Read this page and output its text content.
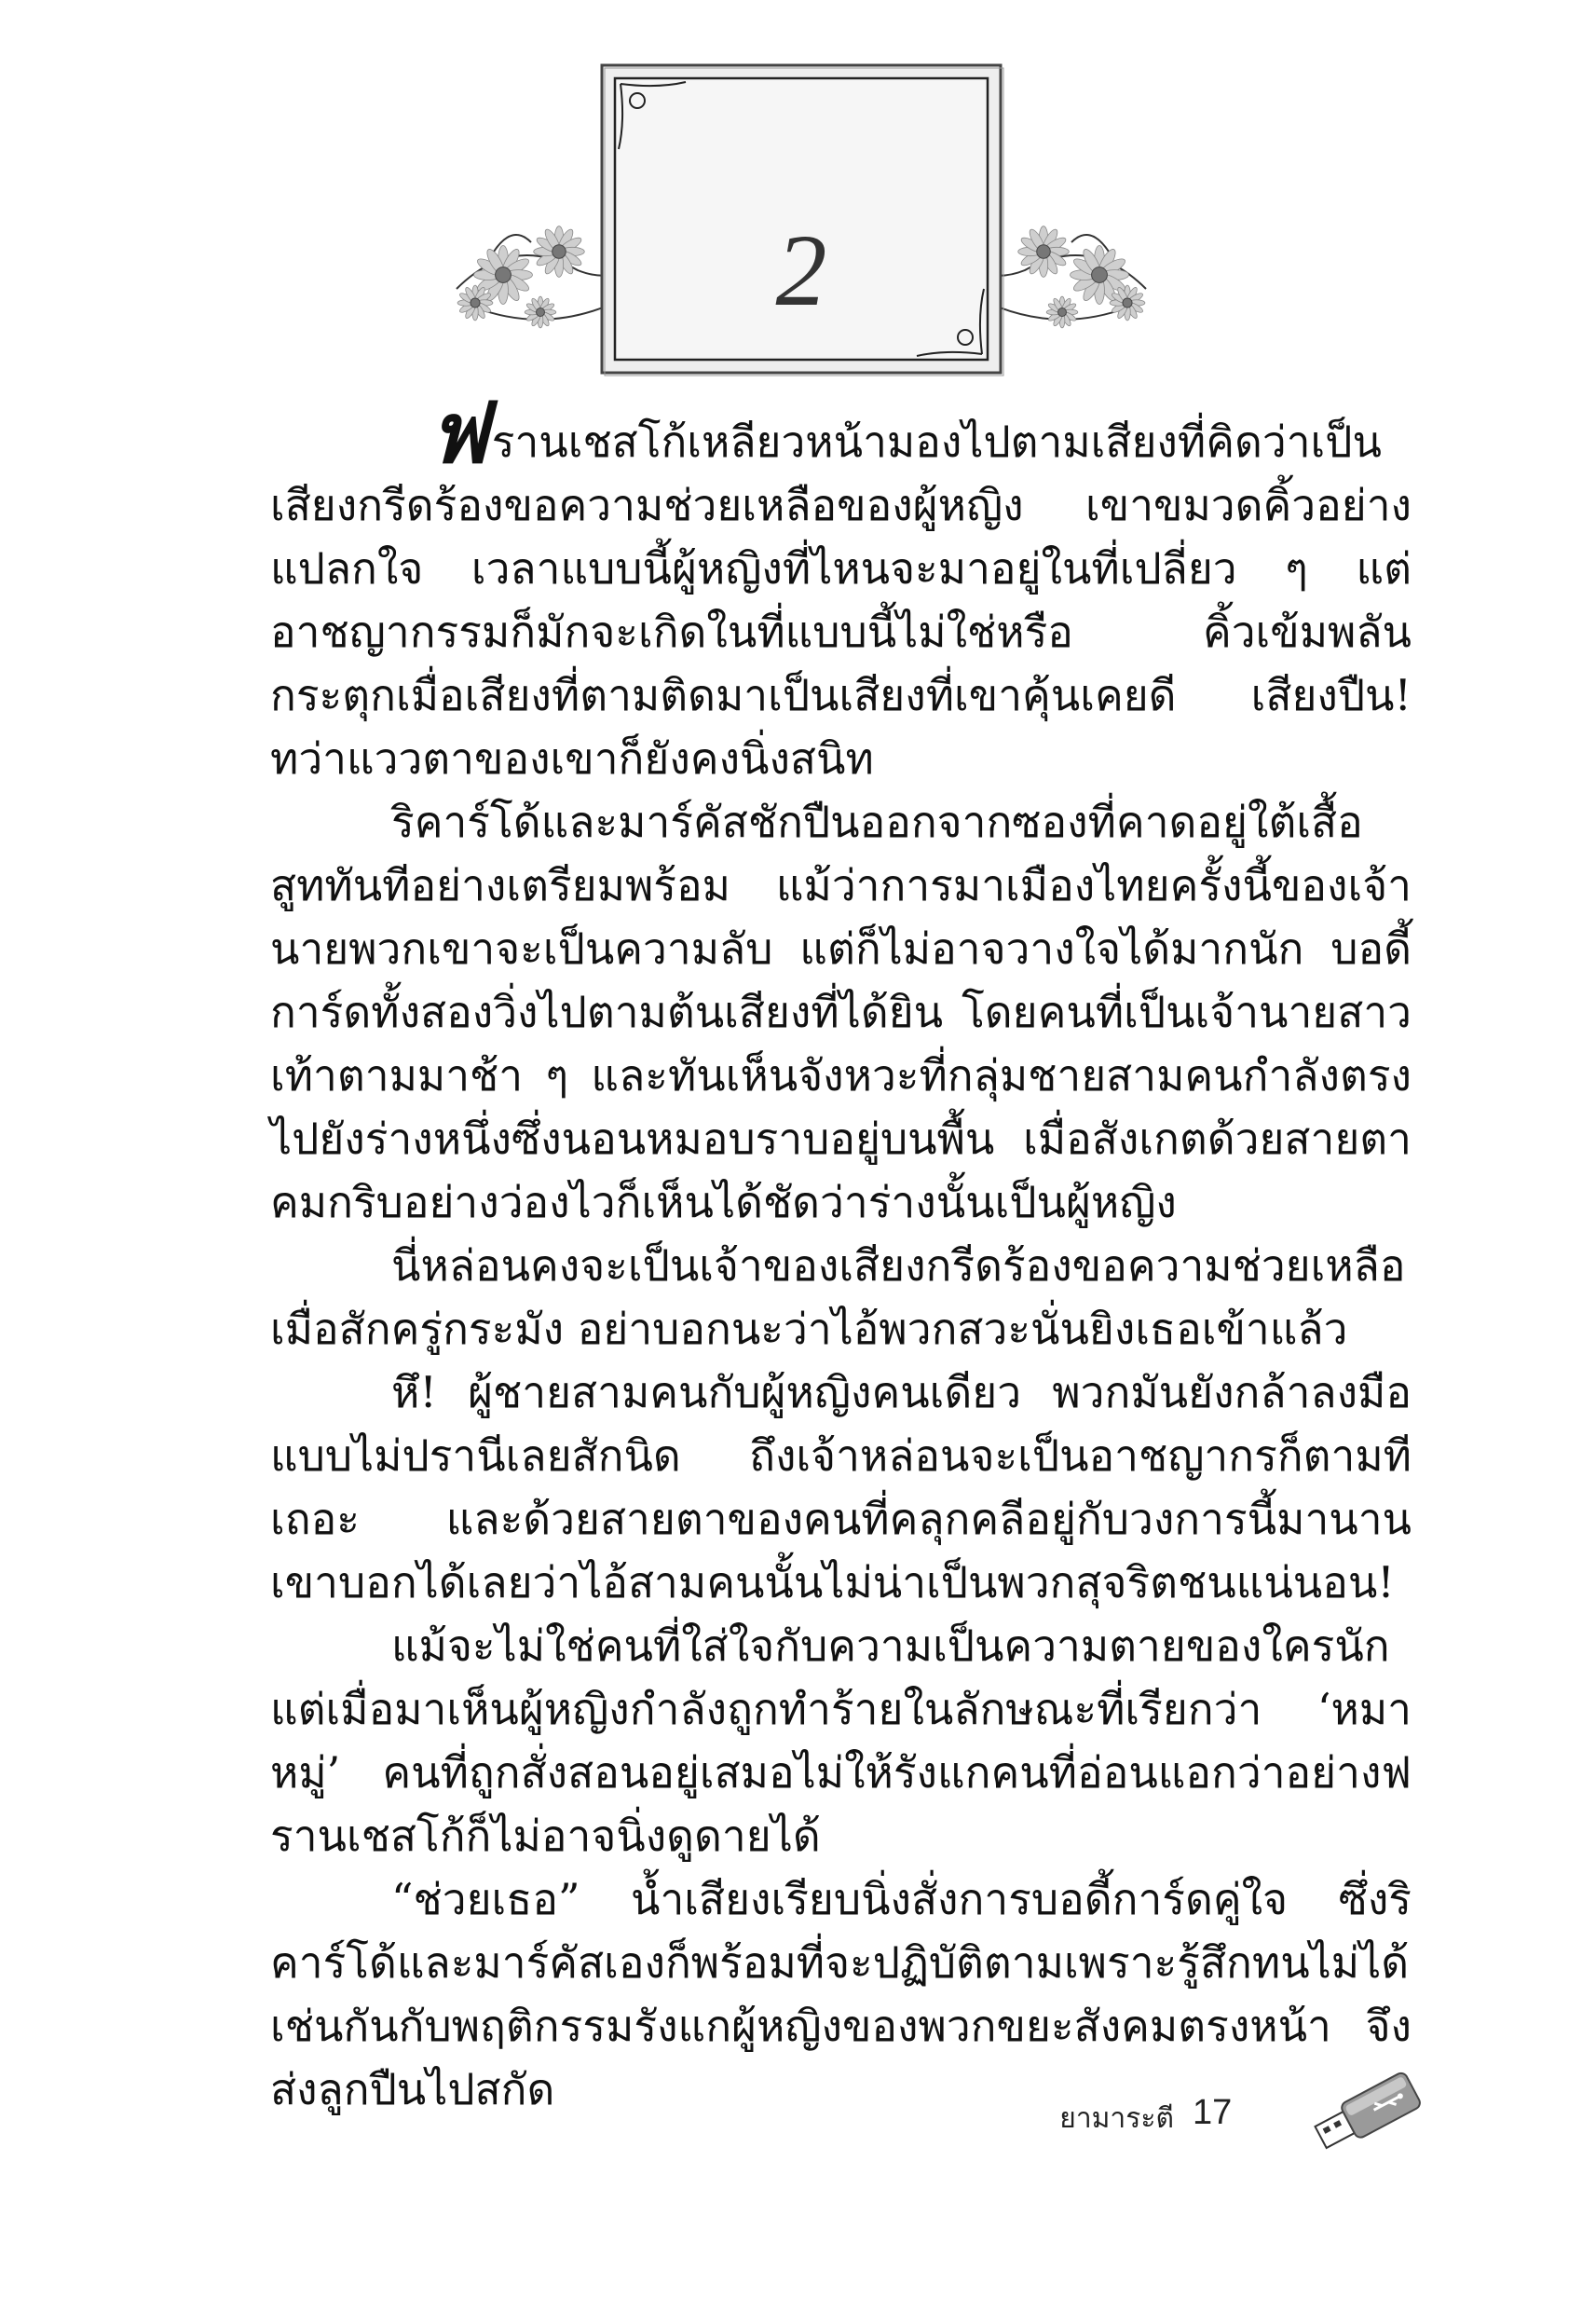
2

ฟรานเชสโก้เหลียวหน้ามองไปตามเสียงที่คิดว่าเป็นเสียงกรีดร้องขอความช่วยเหลือของผู้หญิง เขาขมวดคิ้วอย่างแปลกใจ เวลาแบบนี้ผู้หญิงที่ไหนจะมาอยู่ในที่เปลี่ยว ๆ แต่อาชญากรรมก็มักจะเกิดในที่แบบนี้ไม่ใช่หรือ คิ้วเข้มพลันกระตุกเมื่อเสียงที่ตามติดมาเป็นเสียงที่เขาคุ้นเคยดี เสียงปืน! ทว่าแววตาของเขาก็ยังคงนิ่งสนิท

ริคาร์โด้และมาร์คัสชักปืนออกจากซองที่คาดอยู่ใต้เสื้อสูททันทีอย่างเตรียมพร้อม แม้ว่าการมาเมืองไทยครั้งนี้ของเจ้านายพวกเขาจะเป็นความลับ แต่ก็ไม่อาจวางใจได้มากนัก บอดี้การ์ดทั้งสองวิ่งไปตามต้นเสียงที่ได้ยิน โดยคนที่เป็นเจ้านายสาวเท้าตามมาช้า ๆ และทันเห็นจังหวะที่กลุ่มชายสามคนกำลังตรงไปยังร่างหนึ่งซึ่งนอนหมอบราบอยู่บนพื้น เมื่อสังเกตด้วยสายตาคมกริบอย่างว่องไวก็เห็นได้ชัดว่าร่างนั้นเป็นผู้หญิง

นี่หล่อนคงจะเป็นเจ้าของเสียงกรีดร้องขอความช่วยเหลือเมื่อสักครู่กระมัง อย่าบอกนะว่าไอ้พวกสวะนั่นยิงเธอเข้าแล้ว

หึ! ผู้ชายสามคนกับผู้หญิงคนเดียว พวกมันยังกล้าลงมือแบบไม่ปรานีเลยสักนิด ถึงเจ้าหล่อนจะเป็นอาชญากรก็ตามทีเถอะ และด้วยสายตาของคนที่คลุกคลีอยู่กับวงการนี้มานาน เขาบอกได้เลยว่าไอ้สามคนนั้นไม่น่าเป็นพวกสุจริตชนแน่นอน!

แม้จะไม่ใช่คนที่ใส่ใจกับความเป็นความตายของใครนัก แต่เมื่อมาเห็นผู้หญิงกำลังถูกทำร้ายในลักษณะที่เรียกว่า ‘หมาหมู่’ คนที่ถูกสั่งสอนอยู่เสมอไม่ให้รังแกคนที่อ่อนแอกว่าอย่างฟรานเชสโก้ก็ไม่อาจนิ่งดูดายได้

“ช่วยเธอ” น้ำเสียงเรียบนิ่งสั่งการบอดี้การ์ดคู่ใจ ซึ่งริคาร์โด้และมาร์คัสเองก็พร้อมที่จะปฏิบัติตามเพราะรู้สึกทนไม่ได้เช่นกันกับพฤติกรรมรังแกผู้หญิงของพวกขยะสังคมตรงหน้า จึงส่งลูกปืนไปสกัด

ยามาระตี 17
